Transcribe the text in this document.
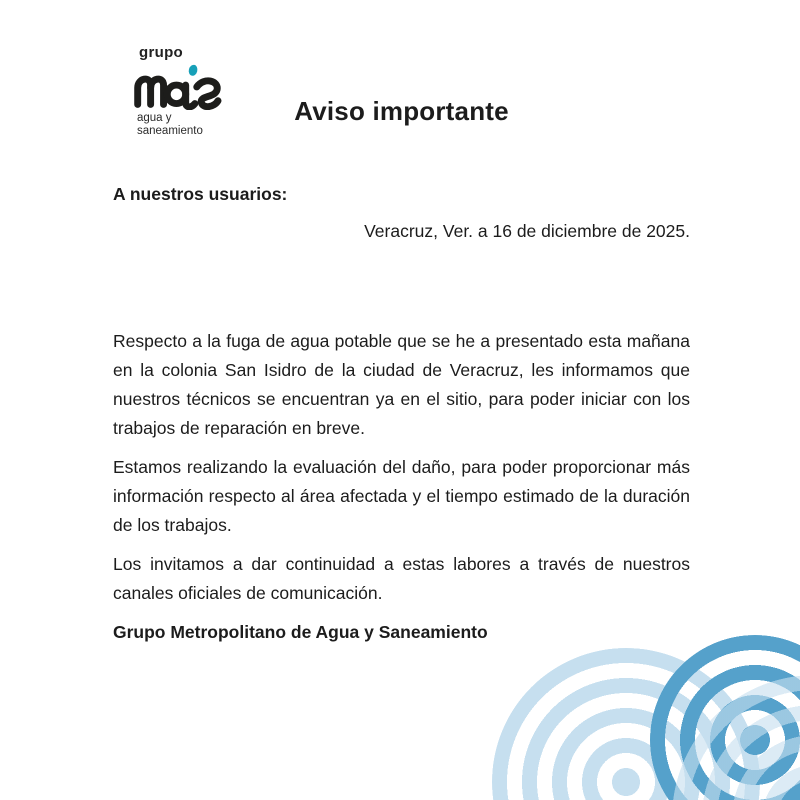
grupo
agua y
saneamiento
Aviso importante
A nuestros usuarios:
Veracruz, Ver. a 16 de diciembre de 2025.

Respecto a la fuga de agua potable que se he a presentado esta mañana en la colonia San Isidro de la ciudad de Veracruz, les informamos que nuestros técnicos se encuentran ya en el sitio, para poder iniciar con los trabajos de reparación en breve.

Estamos realizando la evaluación del daño, para poder proporcionar más información respecto al área afectada y el tiempo estimado de la duración de los trabajos.

Los invitamos a dar continuidad a estas labores a través de nuestros canales oficiales de comunicación.

Grupo Metropolitano de Agua y Saneamiento
